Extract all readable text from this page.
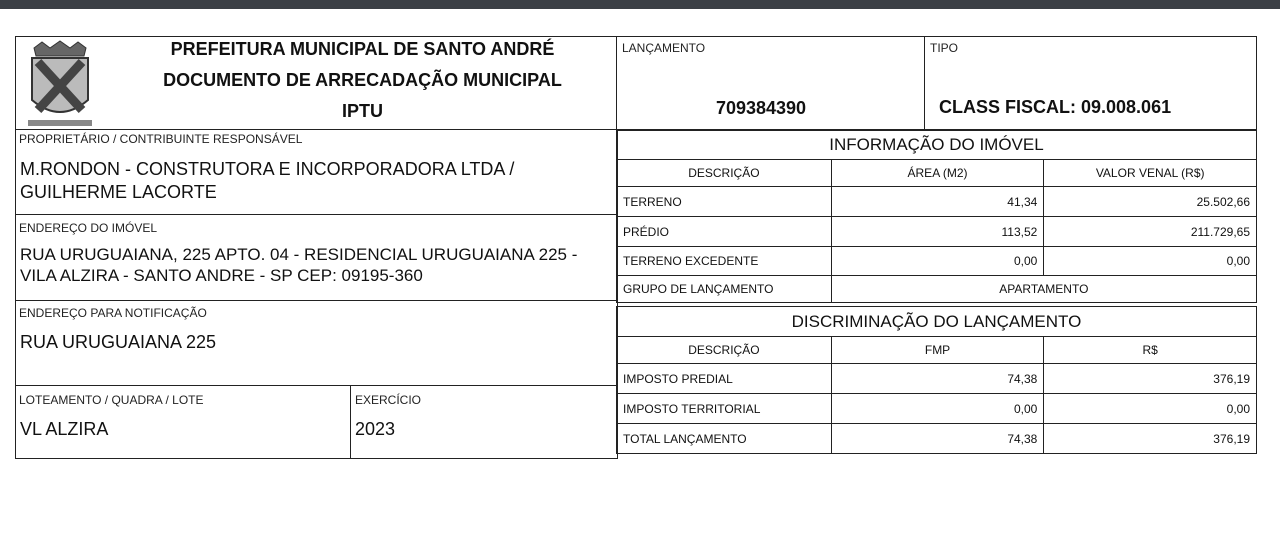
PREFEITURA MUNICIPAL DE SANTO ANDRÉ
DOCUMENTO DE ARRECADAÇÃO MUNICIPAL
IPTU
LANÇAMENTO
709384390
TIPO
CLASS FISCAL: 09.008.061
PROPRIETÁRIO / CONTRIBUINTE RESPONSÁVEL
M.RONDON - CONSTRUTORA E INCORPORADORA LTDA /
GUILHERME LACORTE
ENDEREÇO DO IMÓVEL
RUA URUGUAIANA, 225 APTO. 04 - RESIDENCIAL URUGUAIANA 225 -
VILA ALZIRA - SANTO ANDRE - SP CEP: 09195-360
ENDEREÇO PARA NOTIFICAÇÃO
RUA URUGUAIANA 225
LOTEAMENTO / QUADRA / LOTE
VL ALZIRA
EXERCÍCIO
2023
INFORMAÇÃO DO IMÓVEL		
DESCRIÇÃO	ÁREA (M2)	VALOR VENAL (R$)
TERRENO	41,34	25.502,66
PRÉDIO	113,52	211.729,65
TERRENO EXCEDENTE	0,00	0,00
GRUPO DE LANÇAMENTO	APARTAMENTO	
DISCRIMINAÇÃO DO LANÇAMENTO		
DESCRIÇÃO	FMP	R$
IMPOSTO PREDIAL	74,38	376,19
IMPOSTO TERRITORIAL	0,00	0,00
TOTAL LANÇAMENTO	74,38	376,19
